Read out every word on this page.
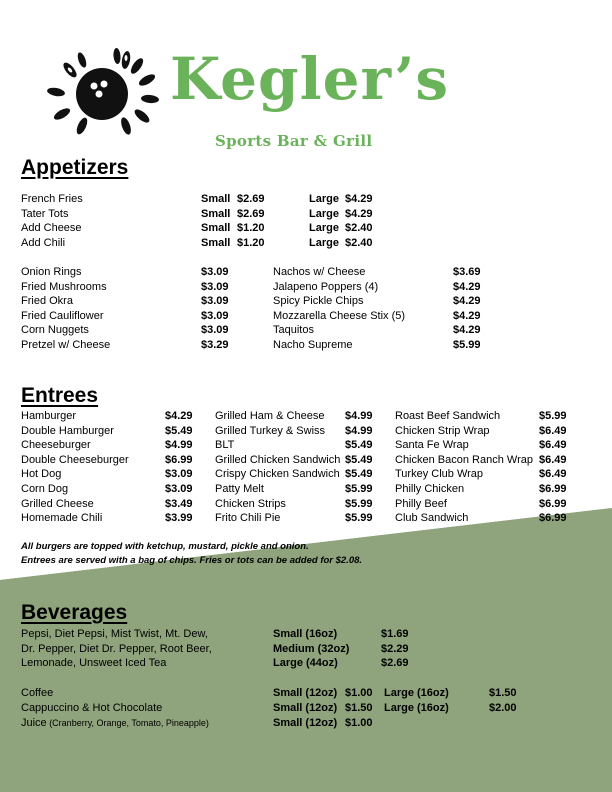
Kegler’s
Sports Bar & Grill
Appetizers
French Fries	Small $2.69	Large $4.29
Tater Tots	Small $2.69	Large $4.29
Add Cheese	Small $1.20	Large $2.40
Add Chili	Small $1.20	Large $2.40
Onion Rings	$3.09
Fried Mushrooms	$3.09
Fried Okra	$3.09
Fried Cauliflower	$3.09
Corn Nuggets	$3.09
Pretzel w/ Cheese	$3.29
Nachos w/ Cheese	$3.69
Jalapeno Poppers (4)	$4.29
Spicy Pickle Chips	$4.29
Mozzarella Cheese Stix (5)	$4.29
Taquitos	$4.29
Nacho Supreme	$5.99
Entrees
Hamburger	$4.29
Double Hamburger	$5.49
Cheeseburger	$4.99
Double Cheeseburger	$6.99
Hot Dog	$3.09
Corn Dog	$3.09
Grilled Cheese	$3.49
Homemade Chili	$3.99
Grilled Ham & Cheese $4.99
Grilled Turkey & Swiss $4.99
BLT	$5.49
Grilled Chicken Sandwich $5.49
Crispy Chicken Sandwich $5.49
Patty Melt	$5.99
Chicken Strips	$5.99
Frito Chili Pie	$5.99
Roast Beef Sandwich	$5.99
Chicken Strip Wrap	$6.49
Santa Fe Wrap	$6.49
Chicken Bacon Ranch Wrap $6.49
Turkey Club Wrap	$6.49
Philly Chicken	$6.99
Philly Beef	$6.99
Club Sandwich	$6.99
All burgers are topped with ketchup, mustard, pickle and onion.
Entrees are served with a bag of chips. Fries or tots can be added for $2.08.
Beverages
Pepsi, Diet Pepsi, Mist Twist, Mt. Dew,	Small (16oz)	$1.69
Dr. Pepper, Diet Dr. Pepper, Root Beer,	Medium (32oz)	$2.29
Lemonade, Unsweet Iced Tea	Large (44oz)	$2.69
Coffee	Small (12oz) $1.00 Large (16oz)	$1.50
Cappuccino & Hot Chocolate	Small (12oz) $1.50 Large (16oz)	$2.00
Juice (Cranberry, Orange, Tomato, Pineapple)	Small (12oz) $1.00
